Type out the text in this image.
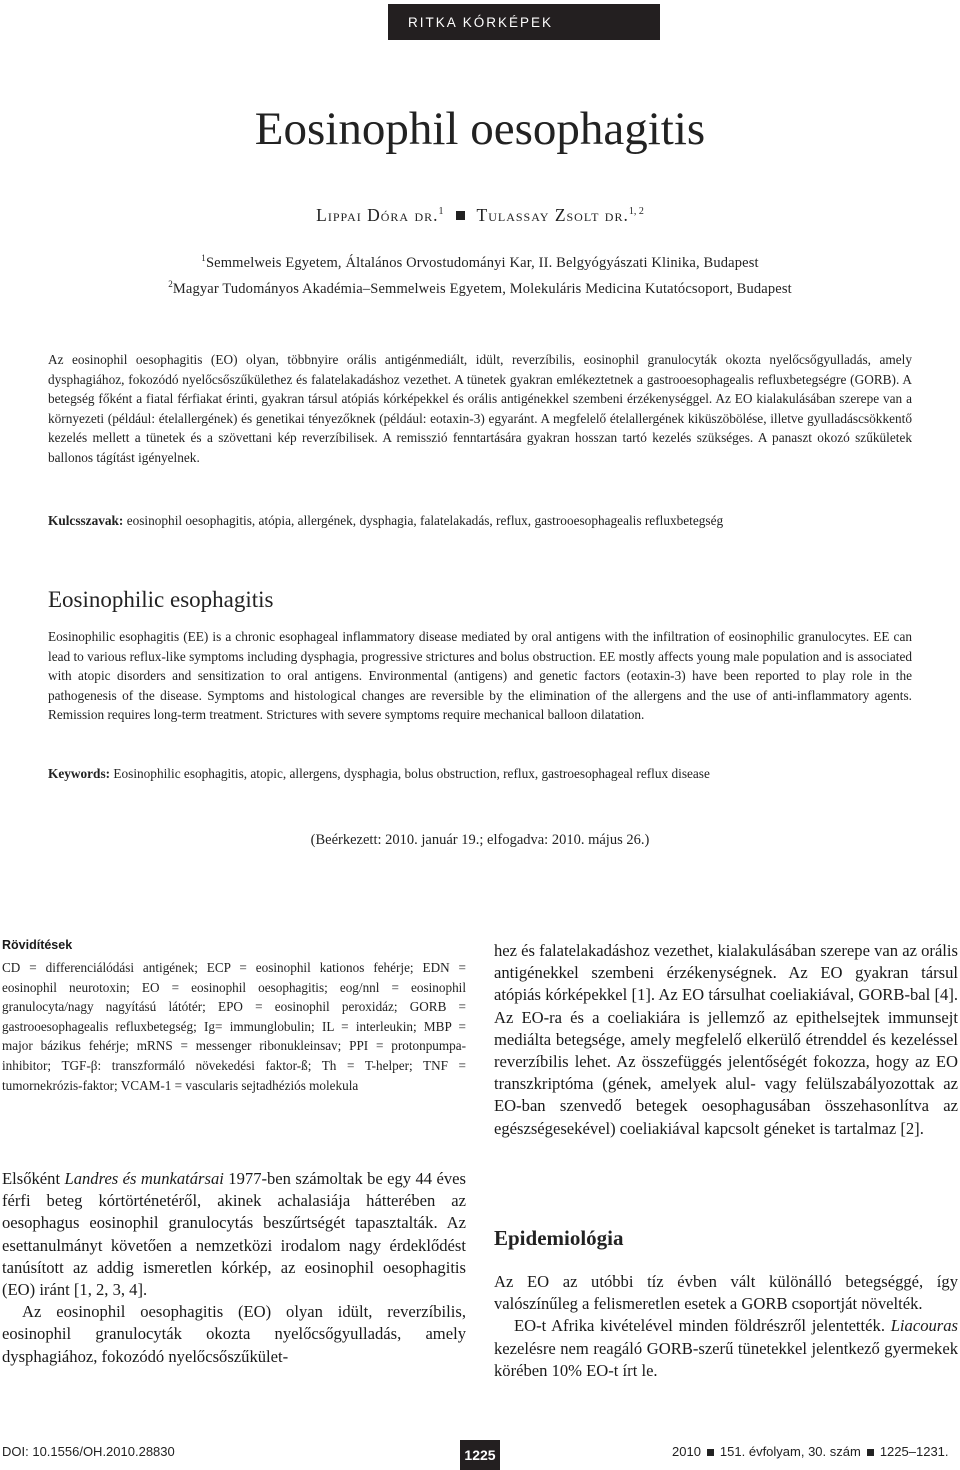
RITKA KÓRKÉPEK
Eosinophil oesophagitis
Lippai Dóra dr.$^1$ Tulassay Zsolt dr.$^{1, 2}$
$^1$Semmelweis Egyetem, Általános Orvostudományi Kar, II. Belgyógyászati Klinika, Budapest
$^2$Magyar Tudományos Akadémia–Semmelweis Egyetem, Molekuláris Medicina Kutatócsoport, Budapest
Az eosinophil oesophagitis (EO) olyan, többnyire orális antigénmediált, idült, reverzíbilis, eosinophil granulocyták okozta nyelőcsőgyulladás, amely dysphagiához, fokozódó nyelőcsőszűkülethez és falatelakadáshoz vezethet. A tünetek gyakran emlékeztetnek a gastrooesophagealis refluxbetegségre (GORB). A betegség főként a fiatal férfiakat érinti, gyakran társul atópiás kórképekkel és orális antigénekkel szembeni érzékenységgel. Az EO kialakulásában szerepe van a környezeti (például: ételallergének) és genetikai tényezőknek (például: eotaxin-3) egyaránt. A megfelelő ételallergének kiküszöbölése, illetve gyulladáscsökkentő kezelés mellett a tünetek és a szövettani kép reverzíbilisek. A remisszió fenntartására gyakran hosszan tartó kezelés szükséges. A panaszt okozó szűkületek ballonos tágítást igényelnek.
Kulcsszavak: eosinophil oesophagitis, atópia, allergének, dysphagia, falatelakadás, reflux, gastrooesophagealis refluxbetegség
Eosinophilic esophagitis
Eosinophilic esophagitis (EE) is a chronic esophageal inflammatory disease mediated by oral antigens with the infiltration of eosinophilic granulocytes. EE can lead to various reflux-like symptoms including dysphagia, progressive strictures and bolus obstruction. EE mostly affects young male population and is associated with atopic disorders and sensitization to oral antigens. Environmental (antigens) and genetic factors (eotaxin-3) have been reported to play role in the pathogenesis of the disease. Symptoms and histological changes are reversible by the elimination of the allergens and the use of anti-inflammatory agents. Remission requires long-term treatment. Strictures with severe symptoms require mechanical balloon dilatation.
Keywords: Eosinophilic esophagitis, atopic, allergens, dysphagia, bolus obstruction, reflux, gastroesophageal reflux disease
(Beérkezett: 2010. január 19.; elfogadva: 2010. május 26.)
Rövidítések
CD = differenciálódási antigének; ECP = eosinophil kationos fehérje; EDN = eosinophil neurotoxin; EO = eosinophil oesophagitis; eog/nnl = eosinophil granulocyta/nagy nagyítású látótér; EPO = eosinophil peroxidáz; GORB = gastrooesophagealis refluxbetegség; Ig= immunglobulin; IL = interleukin; MBP = major bázikus fehérje; mRNS = messenger ribonukleinsav; PPI = protonpumpa-inhibitor; TGF-β: transzformáló növekedési faktor-ß; Th = T-helper; TNF = tumornekrózis-faktor; VCAM-1 = vascularis sejtadhéziós molekula

Elsőként Landres és munkatársai 1977-ben számoltak be egy 44 éves férfi beteg kórtörténetéről, akinek achalasiája hátterében az oesophagus eosinophil granulocytás beszűrtségét tapasztalták. Az esettanulmányt követően a nemzetközi irodalom nagy érdeklődést tanúsított az addig ismeretlen kórkép, az eosinophil oesophagitis (EO) iránt [1, 2, 3, 4].

Az eosinophil oesophagitis (EO) olyan idült, reverzíbilis, eosinophil granulocyták okozta nyelőcsőgyulladás, amely dysphagiához, fokozódó nyelőcsőszűkület-

hez és falatelakadáshoz vezethet, kialakulásában szerepe van az orális antigénekkel szembeni érzékenységnek. Az EO gyakran társul atópiás kórképekkel [1]. Az EO társulhat coeliakiával, GORB-bal [4]. Az EO-ra és a coeliakiára is jellemző az epithelsejtek immunsejt mediálta betegsége, amely megfelelő elkerülő étrenddel és kezeléssel reverzíbilis lehet. Az összefüggés jelentőségét fokozza, hogy az EO transzkriptóma (gének, amelyek alul- vagy felülszabályozottak az EO-ban szenvedő betegek oesophagusában összehasonlítva az egészségesekével) coeliakiával kapcsolt géneket is tartalmaz [2].

Epidemiológia

Az EO az utóbbi tíz évben vált különálló betegséggé, így valószínűleg a felismeretlen esetek a GORB csoportját növelték.

EO-t Afrika kivételével minden földrészről jelentették. Liacouras kezelésre nem reagáló GORB-szerű tünetekkel jelentkező gyermekek körében 10% EO-t írt le.

DOI: 10.1556/OH.2010.28830	1225	2010 151. évfolyam, 30. szám 1225–1231.
